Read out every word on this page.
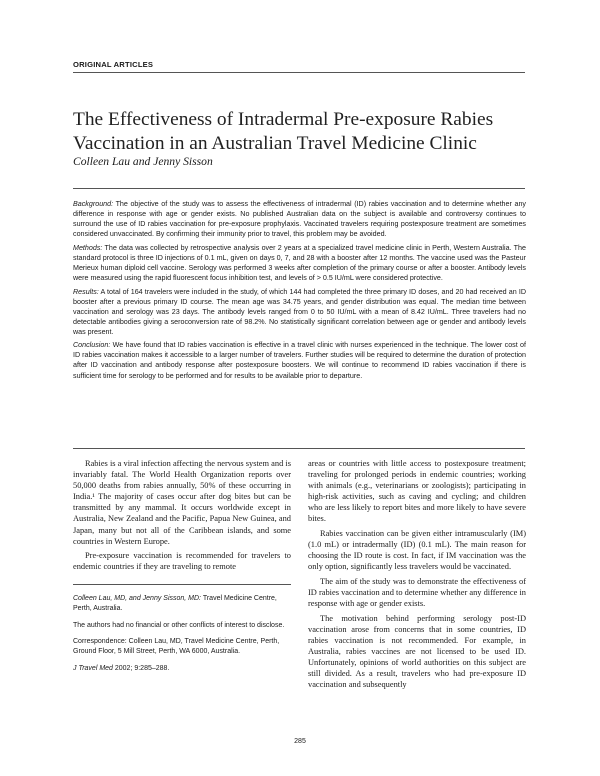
ORIGINAL ARTICLES
The Effectiveness of Intradermal Pre-exposure Rabies Vaccination in an Australian Travel Medicine Clinic
Colleen Lau and Jenny Sisson

Background: The objective of the study was to assess the effectiveness of intradermal (ID) rabies vaccination and to determine whether any difference in response with age or gender exists. No published Australian data on the subject is available and controversy continues to surround the use of ID rabies vaccination for pre-exposure prophylaxis. Vaccinated travelers requiring postexposure treatment are sometimes considered unvaccinated. By confirming their immunity prior to travel, this problem may be avoided.

Methods: The data was collected by retrospective analysis over 2 years at a specialized travel medicine clinic in Perth, Western Australia. The standard protocol is three ID injections of 0.1 mL, given on days 0, 7, and 28 with a booster after 12 months. The vaccine used was the Pasteur Merieux human diploid cell vaccine. Serology was performed 3 weeks after completion of the primary course or after a booster. Antibody levels were measured using the rapid fluorescent focus inhibition test, and levels of > 0.5 IU/mL were considered protective.

Results: A total of 164 travelers were included in the study, of which 144 had completed the three primary ID doses, and 20 had received an ID booster after a previous primary ID course. The mean age was 34.75 years, and gender distribution was equal. The median time between vaccination and serology was 23 days. The antibody levels ranged from 0 to 50 IU/mL with a mean of 8.42 IU/mL. Three travelers had no detectable antibodies giving a seroconversion rate of 98.2%. No statistically significant correlation between age or gender and antibody levels was present.

Conclusion: We have found that ID rabies vaccination is effective in a travel clinic with nurses experienced in the technique. The lower cost of ID rabies vaccination makes it accessible to a larger number of travelers. Further studies will be required to determine the duration of protection after ID vaccination and antibody response after postexposure boosters. We will continue to recommend ID rabies vaccination if there is sufficient time for serology to be performed and for results to be available prior to departure.

Rabies is a viral infection affecting the nervous system and is invariably fatal. The World Health Organization reports over 50,000 deaths from rabies annually, 50% of these occurring in India.¹ The majority of cases occur after dog bites but can be transmitted by any mammal. It occurs worldwide except in Australia, New Zealand and the Pacific, Papua New Guinea, and Japan, many but not all of the Caribbean islands, and some countries in Western Europe.

Pre-exposure vaccination is recommended for travelers to endemic countries if they are traveling to remote

Colleen Lau, MD, and Jenny Sisson, MD: Travel Medicine Centre, Perth, Australia.

The authors had no financial or other conflicts of interest to disclose.

Correspondence: Colleen Lau, MD, Travel Medicine Centre, Perth, Ground Floor, 5 Mill Street, Perth, WA 6000, Australia.

J Travel Med 2002; 9:285–288.

areas or countries with little access to postexposure treatment; traveling for prolonged periods in endemic countries; working with animals (e.g., veterinarians or zoologists); participating in high-risk activities, such as caving and cycling; and children who are less likely to report bites and more likely to have severe bites.

Rabies vaccination can be given either intramuscularly (IM) (1.0 mL) or intradermally (ID) (0.1 mL). The main reason for choosing the ID route is cost. In fact, if IM vaccination was the only option, significantly less travelers would be vaccinated.

The aim of the study was to demonstrate the effectiveness of ID rabies vaccination and to determine whether any difference in response with age or gender exists.

The motivation behind performing serology post-ID vaccination arose from concerns that in some countries, ID rabies vaccination is not recommended. For example, in Australia, rabies vaccines are not licensed to be used ID. Unfortunately, opinions of world authorities on this subject are still divided. As a result, travelers who had pre-exposure ID vaccination and subsequently

285
